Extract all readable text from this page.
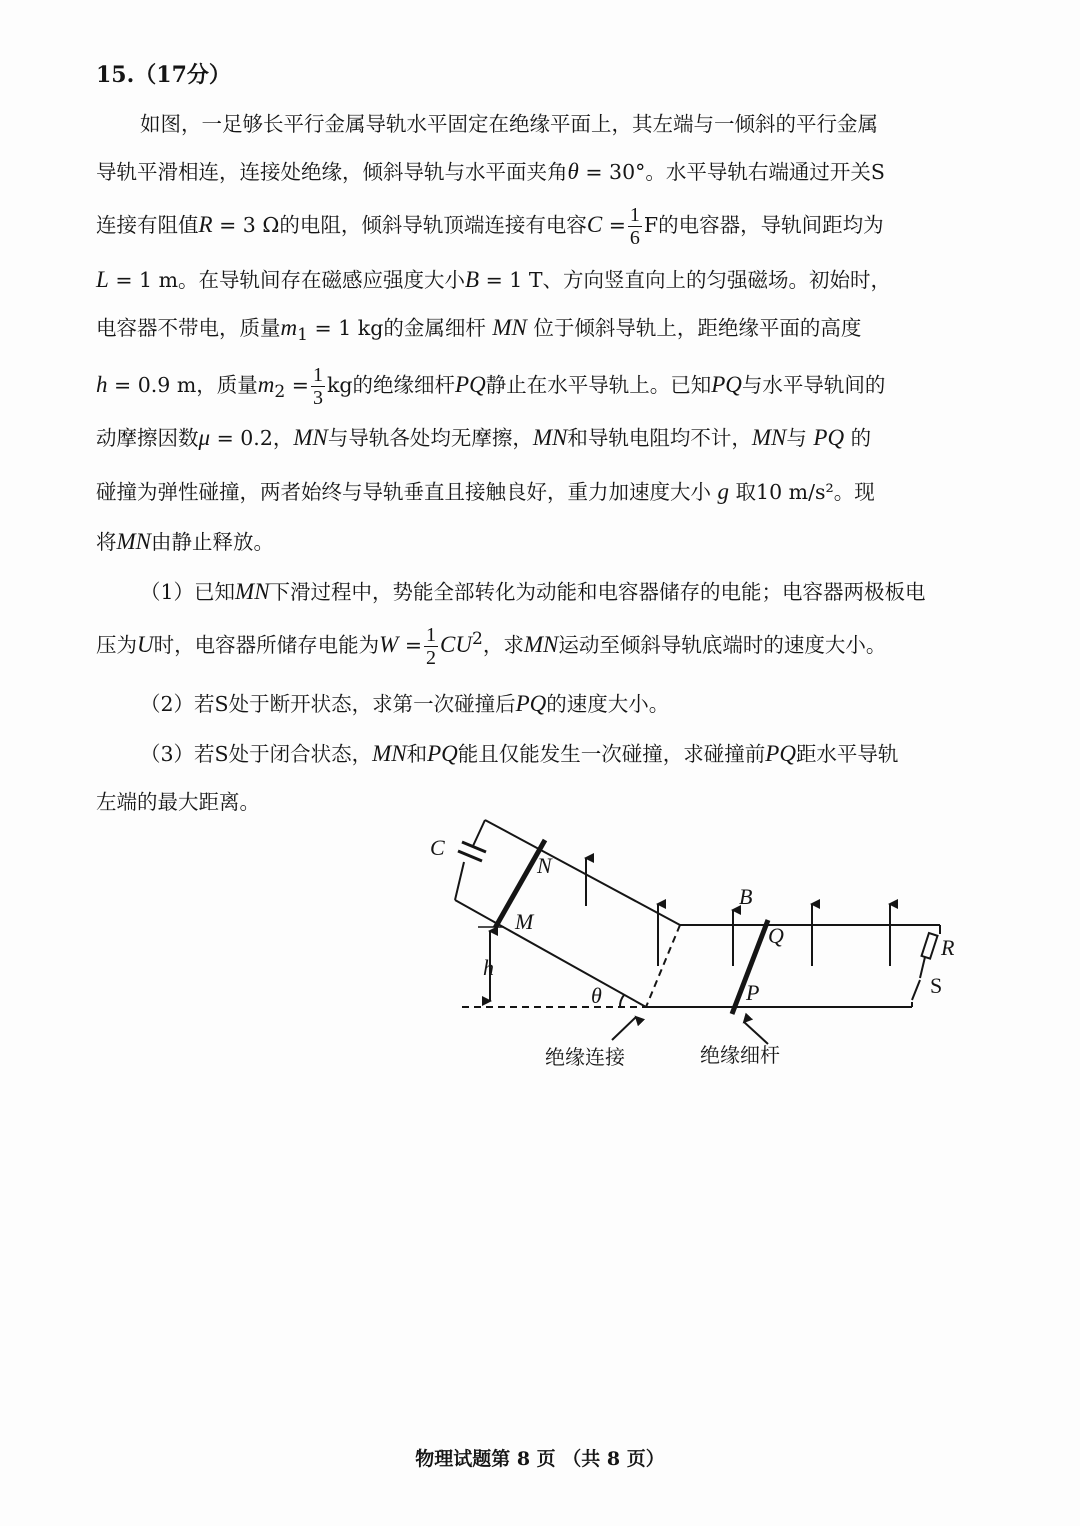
15.（17分）
如图，一足够长平行金属导轨水平固定在绝缘平面上，其左端与一倾斜的平行金属
导轨平滑相连，连接处绝缘，倾斜导轨与水平面夹角θ = 30°。水平导轨右端通过开关S
连接有阻值R = 3 Ω的电阻，倾斜导轨顶端连接有电容$C = \frac{1}{6}$ F的电容器，导轨间距均为
L = 1 m。在导轨间存在磁感应强度大小B = 1 T、方向竖直向上的匀强磁场。初始时，
电容器不带电，质量$m_1 = 1$ kg的金属细杆 MN 位于倾斜导轨上，距绝缘平面的高度
h = 0.9 m，质量$m_2 = \frac{1}{3}$ kg的绝缘细杆PQ静止在水平导轨上。已知PQ与水平导轨间的
动摩擦因数μ = 0.2，MN与导轨各处均无摩擦，MN和导轨电阻均不计，MN与 PQ 的
碰撞为弹性碰撞，两者始终与导轨垂直且接触良好，重力加速度大小 g 取10 m/s²。现
将MN由静止释放。
（1）已知MN下滑过程中，势能全部转化为动能和电容器储存的电能；电容器两极板电
压为U时，电容器所储存电能为$W = \frac{1}{2} CU^2$，求MN运动至倾斜导轨底端时的速度大小。
（2）若S处于断开状态，求第一次碰撞后PQ的速度大小。
（3）若S处于闭合状态，MN和PQ能且仅能发生一次碰撞，求碰撞前PQ距水平导轨
左端的最大距离。
C
N
M
B
Q	R
h
θ	P	S
绝缘连接	绝缘细杆
物理试题第 8 页 （共 8 页）
